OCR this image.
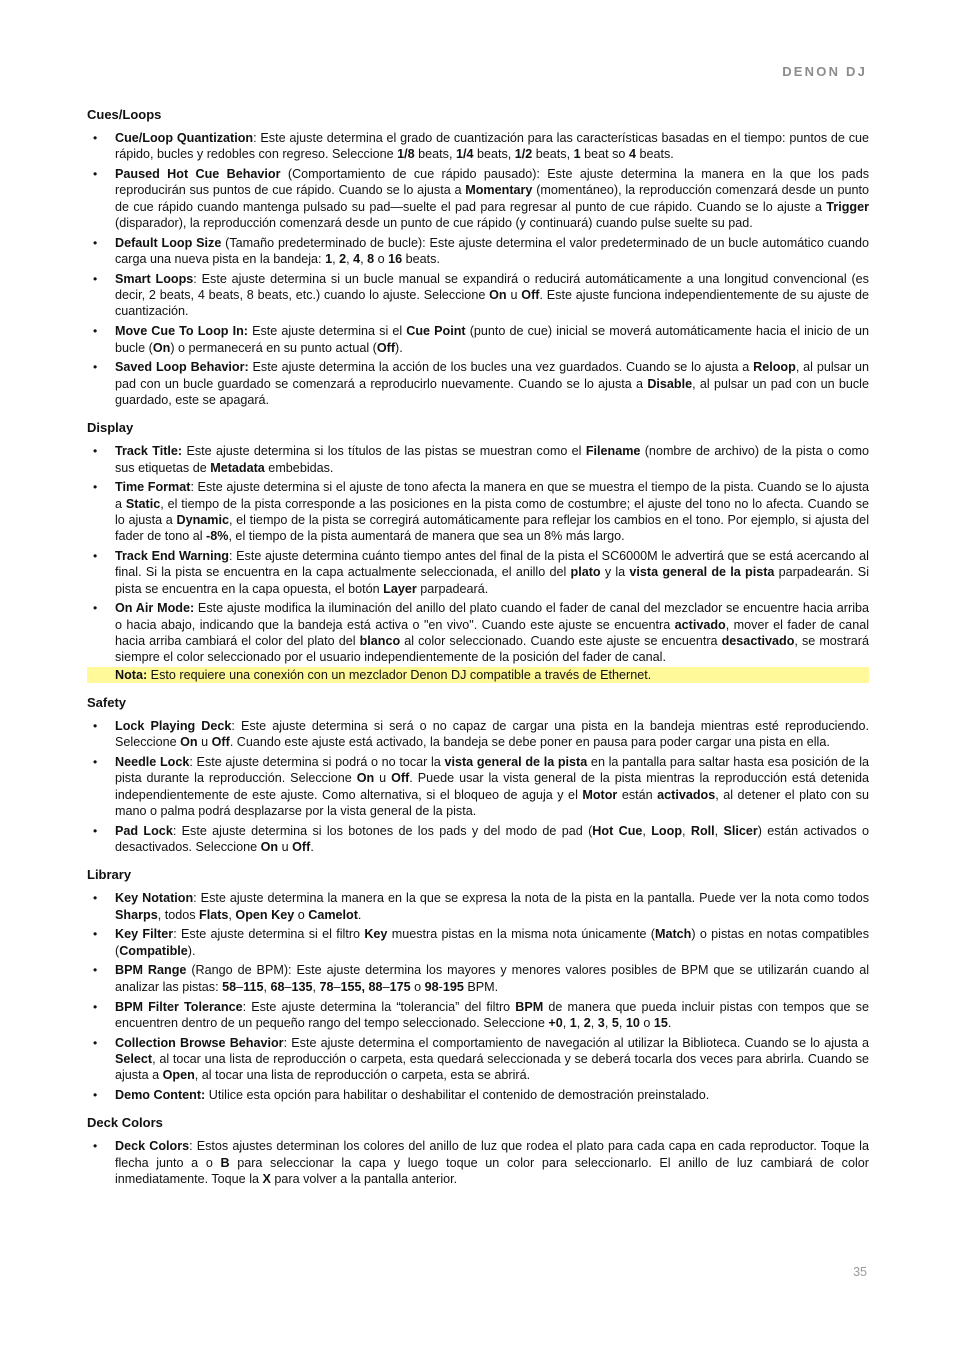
DENON DJ
Cues/Loops
• Cue/Loop Quantization: Este ajuste determina el grado de cuantización para las características basadas en el tiempo: puntos de cue rápido, bucles y redobles con regreso. Seleccione 1/8 beats, 1/4 beats, 1/2 beats, 1 beat so 4 beats.
• Paused Hot Cue Behavior (Comportamiento de cue rápido pausado): Este ajuste determina la manera en la que los pads reproducirán sus puntos de cue rápido. Cuando se lo ajusta a Momentary (momentáneo), la reproducción comenzará desde un punto de cue rápido cuando mantenga pulsado su pad—suelte el pad para regresar al punto de cue rápido. Cuando se lo ajuste a Trigger (disparador), la reproducción comenzará desde un punto de cue rápido (y continuará) cuando pulse suelte su pad.
• Default Loop Size (Tamaño predeterminado de bucle): Este ajuste determina el valor predeterminado de un bucle automático cuando carga una nueva pista en la bandeja: 1, 2, 4, 8 o 16 beats.
• Smart Loops: Este ajuste determina si un bucle manual se expandirá o reducirá automáticamente a una longitud convencional (es decir, 2 beats, 4 beats, 8 beats, etc.) cuando lo ajuste. Seleccione On u Off. Este ajuste funciona independientemente de su ajuste de cuantización.
• Move Cue To Loop In: Este ajuste determina si el Cue Point (punto de cue) inicial se moverá automáticamente hacia el inicio de un bucle (On) o permanecerá en su punto actual (Off).
• Saved Loop Behavior: Este ajuste determina la acción de los bucles una vez guardados. Cuando se lo ajusta a Reloop, al pulsar un pad con un bucle guardado se comenzará a reproducirlo nuevamente. Cuando se lo ajusta a Disable, al pulsar un pad con un bucle guardado, este se apagará.
Display
• Track Title: Este ajuste determina si los títulos de las pistas se muestran como el Filename (nombre de archivo) de la pista o como sus etiquetas de Metadata embebidas.
• Time Format: Este ajuste determina si el ajuste de tono afecta la manera en que se muestra el tiempo de la pista. Cuando se lo ajusta a Static, el tiempo de la pista corresponde a las posiciones en la pista como de costumbre; el ajuste del tono no lo afecta. Cuando se lo ajusta a Dynamic, el tiempo de la pista se corregirá automáticamente para reflejar los cambios en el tono. Por ejemplo, si ajusta del fader de tono al -8%, el tiempo de la pista aumentará de manera que sea un 8% más largo.
• Track End Warning: Este ajuste determina cuánto tiempo antes del final de la pista el SC6000M le advertirá que se está acercando al final. Si la pista se encuentra en la capa actualmente seleccionada, el anillo del plato y la vista general de la pista parpadearán. Si pista se encuentra en la capa opuesta, el botón Layer parpadeará.
• On Air Mode: Este ajuste modifica la iluminación del anillo del plato cuando el fader de canal del mezclador se encuentre hacia arriba o hacia abajo, indicando que la bandeja está activa o "en vivo". Cuando este ajuste se encuentra activado, mover el fader de canal hacia arriba cambiará el color del plato del blanco al color seleccionado. Cuando este ajuste se encuentra desactivado, se mostrará siempre el color seleccionado por el usuario independientemente de la posición del fader de canal.
Nota: Esto requiere una conexión con un mezclador Denon DJ compatible a través de Ethernet.
Safety
• Lock Playing Deck: Este ajuste determina si será o no capaz de cargar una pista en la bandeja mientras esté reproduciendo. Seleccione On u Off. Cuando este ajuste está activado, la bandeja se debe poner en pausa para poder cargar una pista en ella.
• Needle Lock: Este ajuste determina si podrá o no tocar la vista general de la pista en la pantalla para saltar hasta esa posición de la pista durante la reproducción. Seleccione On u Off. Puede usar la vista general de la pista mientras la reproducción está detenida independientemente de este ajuste. Como alternativa, si el bloqueo de aguja y el Motor están activados, al detener el plato con su mano o palma podrá desplazarse por la vista general de la pista.
• Pad Lock: Este ajuste determina si los botones de los pads y del modo de pad (Hot Cue, Loop, Roll, Slicer) están activados o desactivados. Seleccione On u Off.
Library
• Key Notation: Este ajuste determina la manera en la que se expresa la nota de la pista en la pantalla. Puede ver la nota como todos Sharps, todos Flats, Open Key o Camelot.
• Key Filter: Este ajuste determina si el filtro Key muestra pistas en la misma nota únicamente (Match) o pistas en notas compatibles (Compatible).
• BPM Range (Rango de BPM): Este ajuste determina los mayores y menores valores posibles de BPM que se utilizarán cuando al analizar las pistas: 58–115, 68–135, 78–155, 88–175 o 98-195 BPM.
• BPM Filter Tolerance: Este ajuste determina la “tolerancia” del filtro BPM de manera que pueda incluir pistas con tempos que se encuentren dentro de un pequeño rango del tempo seleccionado. Seleccione +0, 1, 2, 3, 5, 10 o 15.
• Collection Browse Behavior: Este ajuste determina el comportamiento de navegación al utilizar la Biblioteca. Cuando se lo ajusta a Select, al tocar una lista de reproducción o carpeta, esta quedará seleccionada y se deberá tocarla dos veces para abrirla. Cuando se ajusta a Open, al tocar una lista de reproducción o carpeta, esta se abrirá.
• Demo Content: Utilice esta opción para habilitar o deshabilitar el contenido de demostración preinstalado.
Deck Colors
• Deck Colors: Estos ajustes determinan los colores del anillo de luz que rodea el plato para cada capa en cada reproductor. Toque la flecha junto a o B para seleccionar la capa y luego toque un color para seleccionarlo. El anillo de luz cambiará de color inmediatamente. Toque la X para volver a la pantalla anterior.
35
